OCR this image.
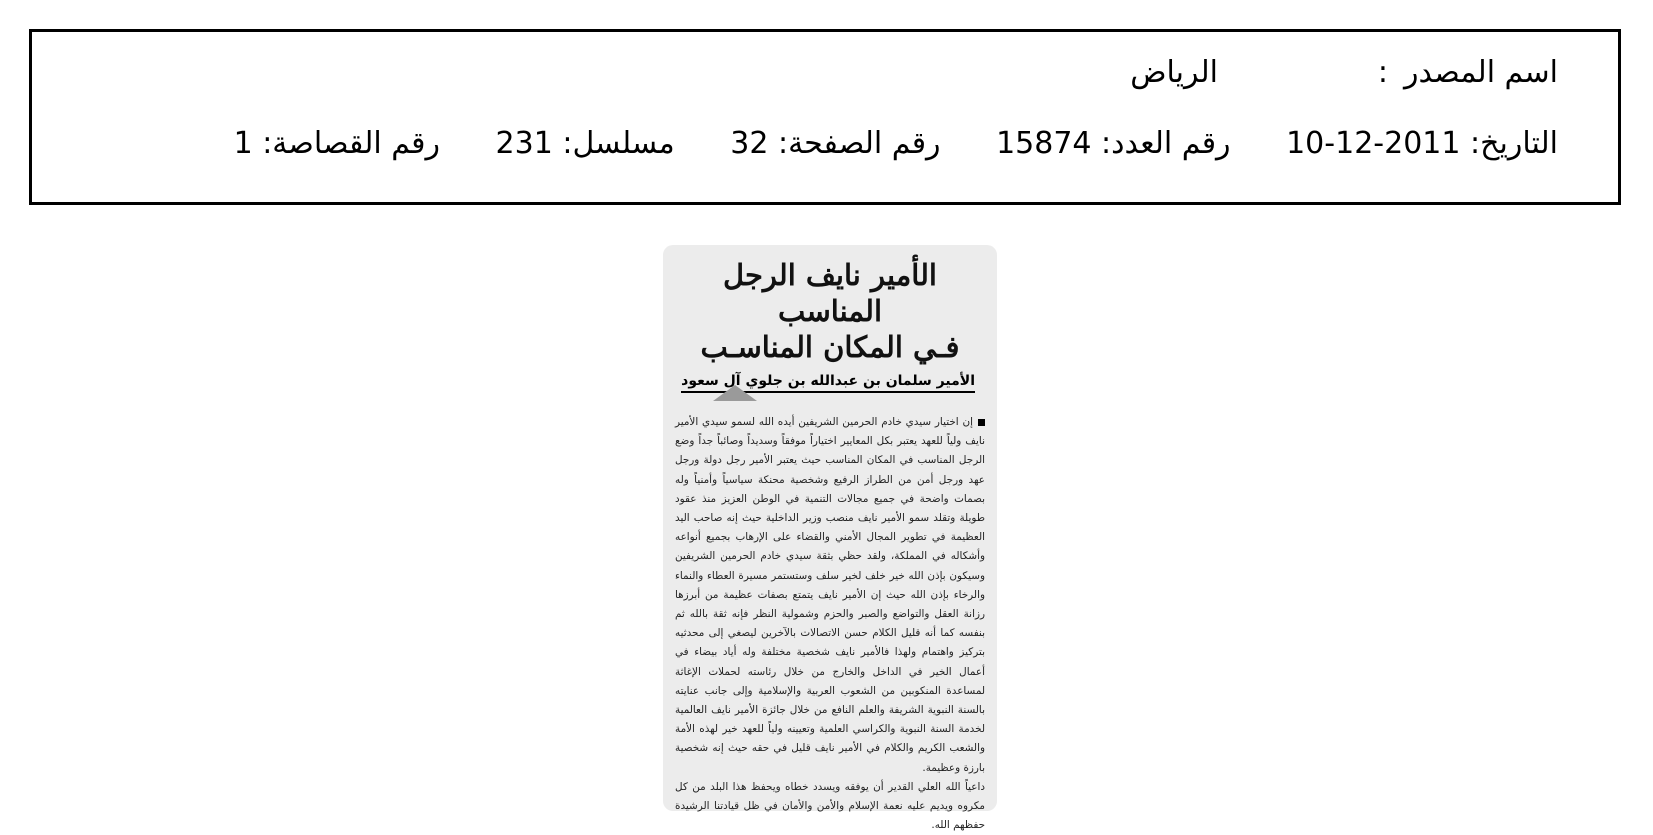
اسم المصدر
:
الرياض
التاريخ: 2011-12-10 رقم العدد: 15874 رقم الصفحة: 32 مسلسل: 231 رقم القصاصة: 1
الأمير نايف الرجل المناسب
فـي المكان المناسـب
الأمير سلمان بن عبدالله بن جلوي آل سعود

إن اختيار سيدي خادم الحرمين الشريفين أيده الله لسمو سيدي الأمير نايف ولياً للعهد يعتبر بكل المعايير اختياراً موفقاً وسديداً وصائباً جداً وضع الرجل المناسب في المكان المناسب حيث يعتبر الأمير رجل دولة ورجل عهد ورجل أمن من الطراز الرفيع وشخصية محنكة سياسياً وأمنياً وله بصمات واضحة في جميع مجالات التنمية في الوطن العزيز منذ عقود طويلة وتقلد سمو الأمير نايف منصب وزير الداخلية حيث إنه صاحب اليد العظيمة في تطوير المجال الأمني والقضاء على الإرهاب بجميع أنواعه وأشكاله في المملكة، ولقد حظي بثقة سيدي خادم الحرمين الشريفين وسيكون بإذن الله خير خلف لخير سلف وستستمر مسيرة العطاء والنماء والرخاء بإذن الله حيث إن الأمير نايف يتمتع بصفات عظيمة من أبرزها رزانة العقل والتواضع والصبر والحزم وشمولية النظر فإنه ثقة بالله ثم بنفسه كما أنه قليل الكلام حسن الاتصالات بالآخرين ليصغي إلى محدثيه بتركيز واهتمام ولهذا فالأمير نايف شخصية مختلفة وله أياد بيضاء في أعمال الخير في الداخل والخارج من خلال رئاسته لحملات الإغاثة لمساعدة المنكوبين من الشعوب العربية والإسلامية وإلى جانب عنايته بالسنة النبوية الشريفة والعلم النافع من خلال جائزة الأمير نايف العالمية لخدمة السنة النبوية والكراسي العلمية وتعيينه ولياً للعهد خير لهذه الأمة والشعب الكريم والكلام في الأمير نايف قليل في حقه حيث إنه شخصية بارزة وعظيمة.

داعياً الله العلي القدير أن يوفقه ويسدد خطاه ويحفظ هذا البلد من كل مكروه ويديم عليه نعمة الإسلام والأمن والأمان في ظل قيادتنا الرشيدة حفظهم الله.
